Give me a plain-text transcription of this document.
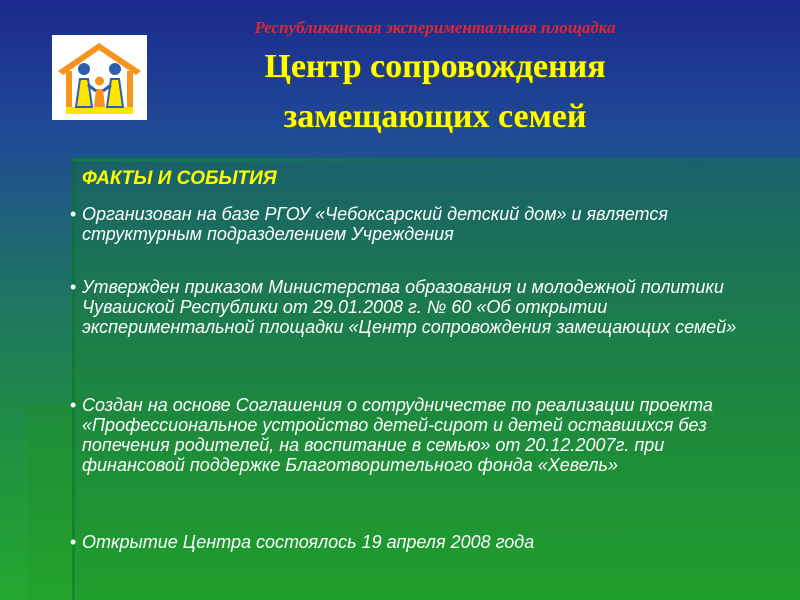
Республиканская экспериментальная площадка
Центр сопровождения
замещающих семей
ФАКТЫ И СОБЫТИЯ
• Организован на базе РГОУ «Чебоксарский детский дом» и является структурным подразделением Учреждения
• Утвержден приказом Министерства образования и молодежной политики Чувашской Республики от 29.01.2008 г. № 60 «Об открытии экспериментальной площадки «Центр сопровождения замещающих семей»
• Создан на основе Соглашения о сотрудничестве по реализации проекта «Профессиональное устройство детей-сирот и детей оставшихся без попечения родителей, на воспитание в семью» от 20.12.2007г. при финансовой поддержке Благотворительного фонда «Хевель»
• Открытие Центра состоялось 19 апреля 2008 года
